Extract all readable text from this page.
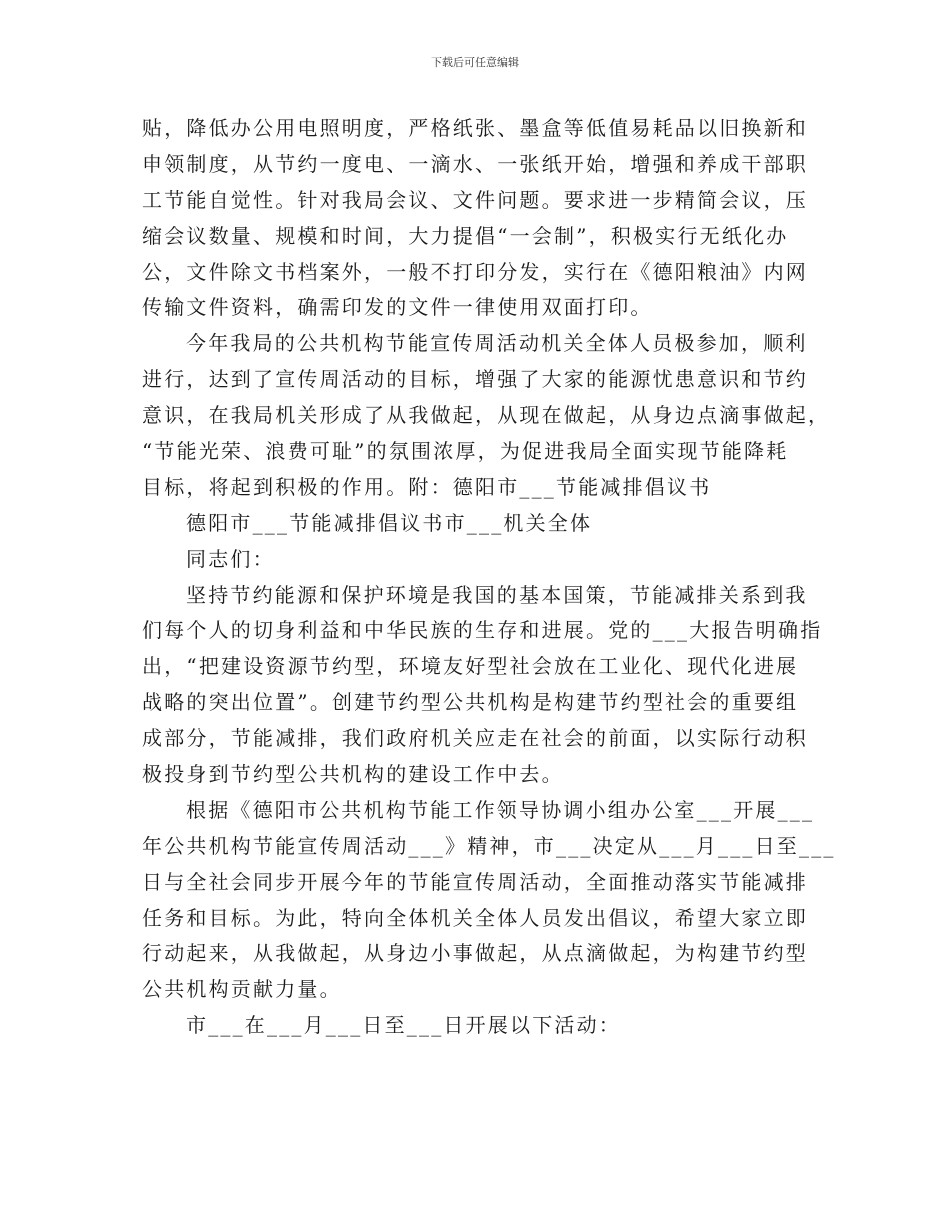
下载后可任意编辑
贴，降低办公用电照明度，严格纸张、墨盒等低值易耗品以旧换新和
申领制度，从节约一度电、一滴水、一张纸开始，增强和养成干部职
工节能自觉性。针对我局会议、文件问题。要求进一步精简会议，压
缩会议数量、规模和时间，大力提倡“一会制”，积极实行无纸化办
公，文件除文书档案外，一般不打印分发，实行在《德阳粮油》内网
传输文件资料，确需印发的文件一律使用双面打印。
今年我局的公共机构节能宣传周活动机关全体人员极参加，顺利
进行，达到了宣传周活动的目标，增强了大家的能源忧患意识和节约
意识，在我局机关形成了从我做起，从现在做起，从身边点滴事做起，
“节能光荣、浪费可耻”的氛围浓厚，为促进我局全面实现节能降耗
目标，将起到积极的作用。附：德阳市___节能减排倡议书
德阳市___节能减排倡议书市___机关全体
同志们：
坚持节约能源和保护环境是我国的基本国策，节能减排关系到我
们每个人的切身利益和中华民族的生存和进展。党的___大报告明确指
出，“把建设资源节约型，环境友好型社会放在工业化、现代化进展
战略的突出位置”。创建节约型公共机构是构建节约型社会的重要组
成部分，节能减排，我们政府机关应走在社会的前面，以实际行动积
极投身到节约型公共机构的建设工作中去。
根据《德阳市公共机构节能工作领导协调小组办公室___开展___
年公共机构节能宣传周活动___》精神，市___决定从___月___日至___
日与全社会同步开展今年的节能宣传周活动，全面推动落实节能减排
任务和目标。为此，特向全体机关全体人员发出倡议，希望大家立即
行动起来，从我做起，从身边小事做起，从点滴做起，为构建节约型
公共机构贡献力量。
市___在___月___日至___日开展以下活动：
